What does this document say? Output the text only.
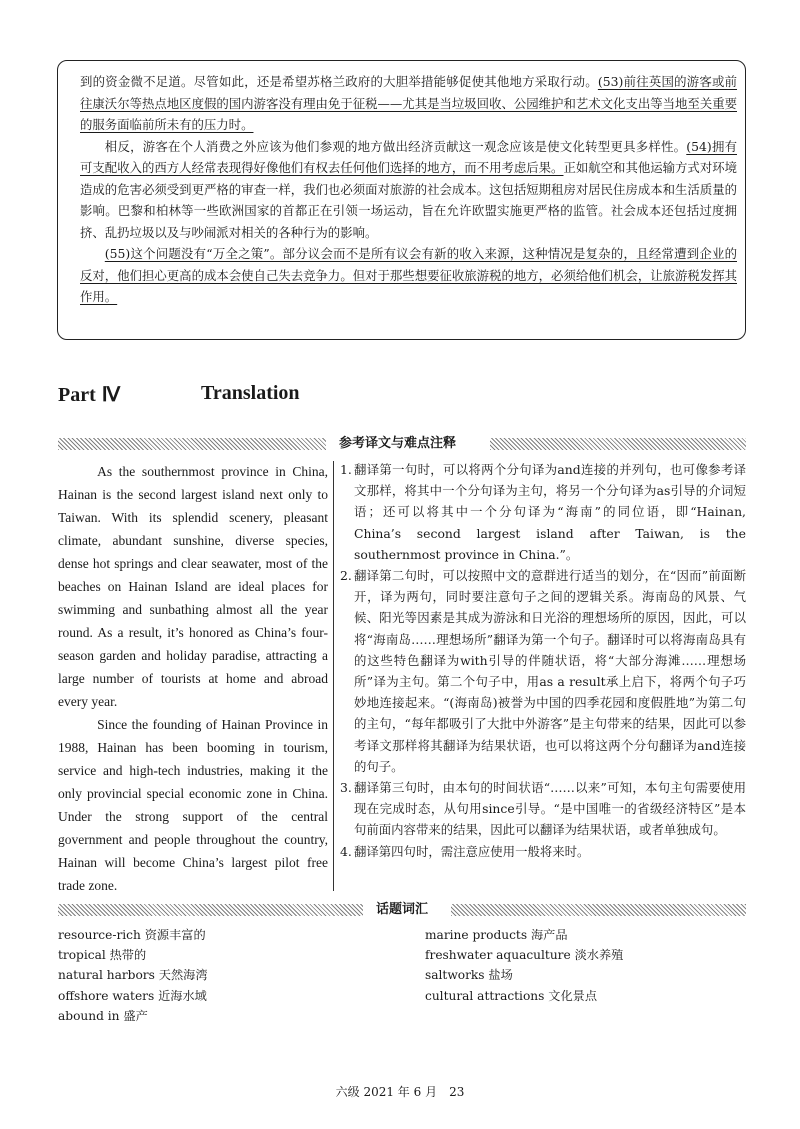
到的资金微不足道。尽管如此，还是希望苏格兰政府的大胆举措能够促使其他地方采取行动。(53)前往英国的游客或前往康沃尔等热点地区度假的国内游客没有理由免于征税——尤其是当垃圾回收、公园维护和艺术文化支出等当地至关重要的服务面临前所未有的压力时。

相反，游客在个人消费之外应该为他们参观的地方做出经济贡献这一观念应该是使文化转型更具多样性。(54)拥有可支配收入的西方人经常表现得好像他们有权去任何他们选择的地方，而不用考虑后果。正如航空和其他运输方式对环境造成的危害必须受到更严格的审查一样，我们也必须面对旅游的社会成本。这包括短期租房对居民住房成本和生活质量的影响。巴黎和柏林等一些欧洲国家的首都正在引领一场运动，旨在允许欧盟实施更严格的监管。社会成本还包括过度拥挤、乱扔垃圾以及与吵闹派对相关的各种行为的影响。

(55)这个问题没有“万全之策”。部分议会而不是所有议会有新的收入来源，这种情况是复杂的，且经常遭到企业的反对，他们担心更高的成本会使自己失去竞争力。但对于那些想要征收旅游税的地方，必须给他们机会，让旅游税发挥其作用。

Part Ⅳ	Translation
参考译文与难点注释

As the southernmost province in China, Hainan is the second largest island next only to Taiwan. With its splendid scenery, pleasant climate, abundant sunshine, diverse species, dense hot springs and clear seawater, most of the beaches on Hainan Island are ideal places for swimming and sunbathing almost all the year round. As a result, it’s honored as China’s four-season garden and holiday paradise, attracting a large number of tourists at home and abroad every year.

Since the founding of Hainan Province in 1988, Hainan has been booming in tourism, service and high-tech industries, making it the only provincial special economic zone in China. Under the strong support of the central government and people throughout the country, Hainan will become China’s largest pilot free trade zone.

1. 翻译第一句时，可以将两个分句译为and连接的并列句，也可像参考译文那样，将其中一个分句译为主句，将另一个分句译为as引导的介词短语；还可以将其中一个分句译为“海南”的同位语，即“Hainan, China’s second largest island after Taiwan, is the southernmost province in China.”。
2. 翻译第二句时，可以按照中文的意群进行适当的划分，在“因而”前面断开，译为两句，同时要注意句子之间的逻辑关系。海南岛的风景、气候、阳光等因素是其成为游泳和日光浴的理想场所的原因，因此，可以将“海南岛……理想场所”翻译为第一个句子。翻译时可以将海南岛具有的这些特色翻译为with引导的伴随状语，将“大部分海滩……理想场所”译为主句。第二个句子中，用as a result承上启下，将两个句子巧妙地连接起来。“(海南岛)被誉为中国的四季花园和度假胜地”为第二句的主句，“每年都吸引了大批中外游客”是主句带来的结果，因此可以参考译文那样将其翻译为结果状语，也可以将这两个分句翻译为and连接的句子。
3. 翻译第三句时，由本句的时间状语“……以来”可知，本句主句需要使用现在完成时态，从句用since引导。“是中国唯一的省级经济特区”是本句前面内容带来的结果，因此可以翻译为结果状语，或者单独成句。
4. 翻译第四句时，需注意应使用一般将来时。
话题词汇
resource-rich 资源丰富的
tropical 热带的
natural harbors 天然海湾
offshore waters 近海水域
abound in 盛产
marine products 海产品
freshwater aquaculture 淡水养殖
saltworks 盐场
cultural attractions 文化景点
六级 2021 年 6 月　23
